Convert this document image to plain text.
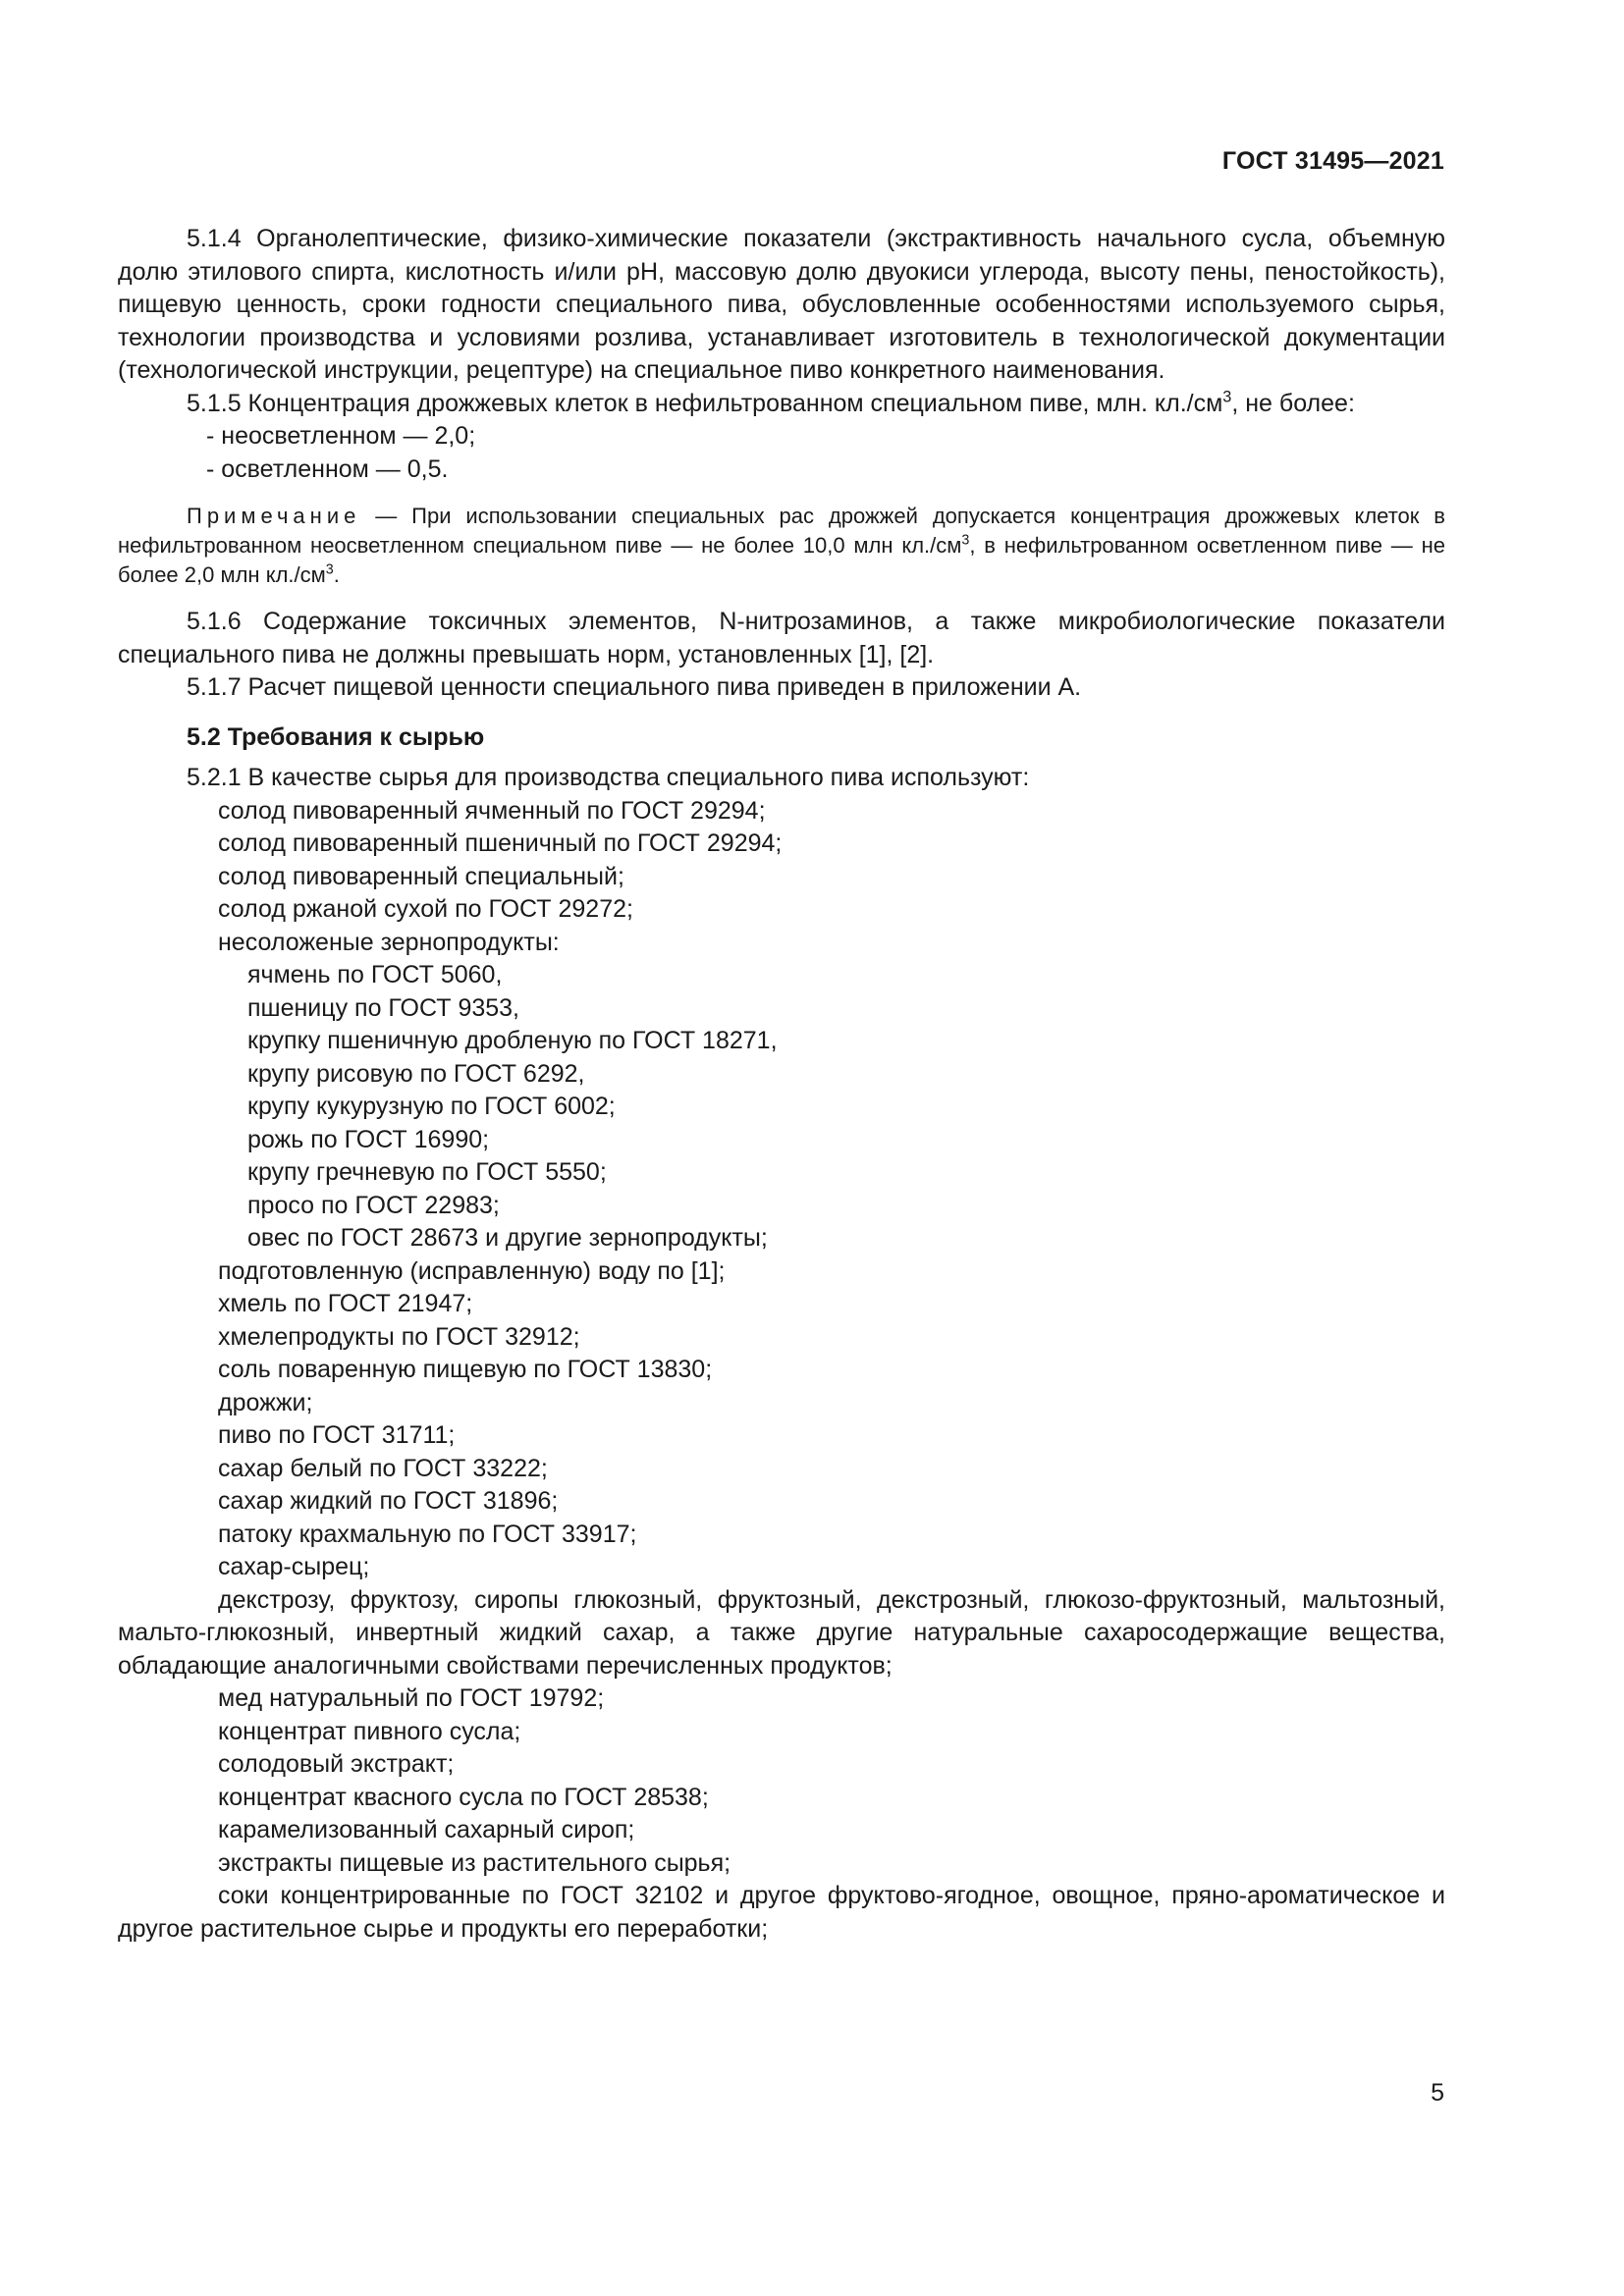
ГОСТ 31495—2021

5.1.4 Органолептические, физико-химические показатели (экстрактивность начального сусла, объемную долю этилового спирта, кислотность и/или pH, массовую долю двуокиси углерода, высоту пены, пеностойкость), пищевую ценность, сроки годности специального пива, обусловленные особенностями используемого сырья, технологии производства и условиями розлива, устанавливает изготовитель в технологической документации (технологической инструкции, рецептуре) на специальное пиво конкретного наименования.

5.1.5 Концентрация дрожжевых клеток в нефильтрованном специальном пиве, млн. $кл./см^3$, не более:

- неосветленном — 2,0;

- осветленном — 0,5.

Примечание — При использовании специальных рас дрожжей допускается концентрация дрожжевых клеток в нефильтрованном неосветленном специальном пиве — не более 10,0 млн $кл./см^3$, в нефильтрованном осветленном пиве — не более 2,0 млн $кл./см^3$.

5.1.6 Содержание токсичных элементов, N-нитрозаминов, а также микробиологические показатели специального пива не должны превышать норм, установленных [1], [2].

5.1.7 Расчет пищевой ценности специального пива приведен в приложении А.

5.2 Требования к сырью

5.2.1 В качестве сырья для производства специального пива используют:

солод пивоваренный ячменный по ГОСТ 29294;

солод пивоваренный пшеничный по ГОСТ 29294;

солод пивоваренный специальный;

солод ржаной сухой по ГОСТ 29272;

несоложеные зернопродукты:

ячмень по ГОСТ 5060,

пшеницу по ГОСТ 9353,

крупку пшеничную дробленую по ГОСТ 18271,

крупу рисовую по ГОСТ 6292,

крупу кукурузную по ГОСТ 6002;

рожь по ГОСТ 16990;

крупу гречневую по ГОСТ 5550;

просо по ГОСТ 22983;

овес по ГОСТ 28673 и другие зернопродукты;

подготовленную (исправленную) воду по [1];

хмель по ГОСТ 21947;

хмелепродукты по ГОСТ 32912;

соль поваренную пищевую по ГОСТ 13830;

дрожжи;

пиво по ГОСТ 31711;

сахар белый по ГОСТ 33222;

сахар жидкий по ГОСТ 31896;

патоку крахмальную по ГОСТ 33917;

сахар-сырец;

декстрозу, фруктозу, сиропы глюкозный, фруктозный, декстрозный, глюкозо-фруктозный, мальтозный, мальто-глюкозный, инвертный жидкий сахар, а также другие натуральные сахаросодержащие вещества, обладающие аналогичными свойствами перечисленных продуктов;

мед натуральный по ГОСТ 19792;

концентрат пивного сусла;

солодовый экстракт;

концентрат квасного сусла по ГОСТ 28538;

карамелизованный сахарный сироп;

экстракты пищевые из растительного сырья;

соки концентрированные по ГОСТ 32102 и другое фруктово-ягодное, овощное, пряно-ароматическое и другое растительное сырье и продукты его переработки;

5
